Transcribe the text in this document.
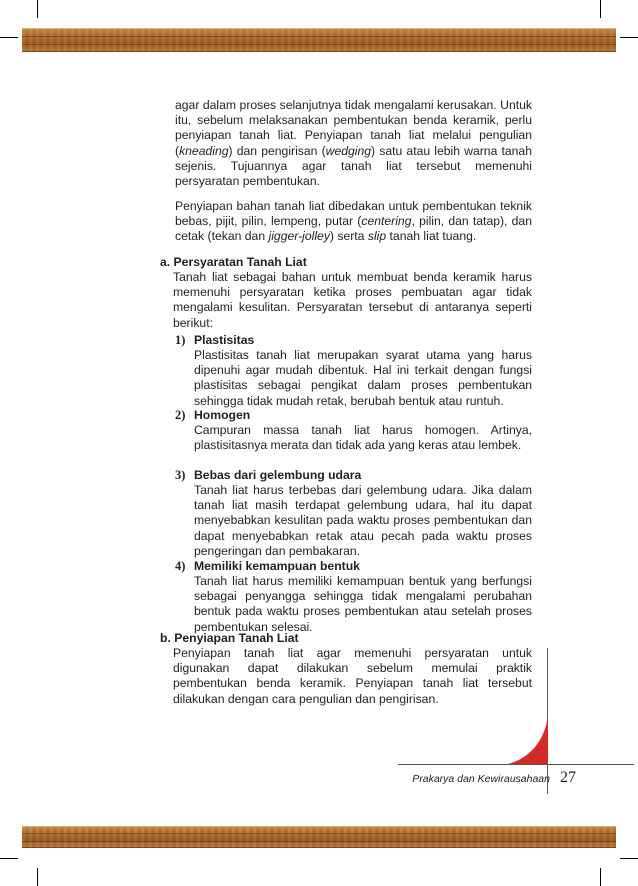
agar dalam proses selanjutnya tidak mengalami kerusakan. Untuk itu, sebelum melaksanakan pembentukan benda keramik, perlu penyiapan tanah liat. Penyiapan tanah liat melalui pengulian (kneading) dan pengirisan (wedging) satu atau lebih warna tanah sejenis. Tujuannya agar tanah liat tersebut memenuhi persyaratan pembentukan.

Penyiapan bahan tanah liat dibedakan untuk pembentukan teknik bebas, pijit, pilin, lempeng, putar (centering, pilin, dan tatap), dan cetak (tekan dan jigger-jolley) serta slip tanah liat tuang.

a. Persyaratan Tanah Liat

Tanah liat sebagai bahan untuk membuat benda keramik harus memenuhi persyaratan ketika proses pembuatan agar tidak mengalami kesulitan. Persyaratan tersebut di antaranya seperti berikut:

1) Plastisitas

Plastisitas tanah liat merupakan syarat utama yang harus dipenuhi agar mudah dibentuk. Hal ini terkait dengan fungsi plastisitas sebagai pengikat dalam proses pembentukan sehingga tidak mudah retak, berubah bentuk atau runtuh.

2) Homogen

Campuran massa tanah liat harus homogen. Artinya, plastisitasnya merata dan tidak ada yang keras atau lembek.

3) Bebas dari gelembung udara

Tanah liat harus terbebas dari gelembung udara. Jika dalam tanah liat masih terdapat gelembung udara, hal itu dapat menyebabkan kesulitan pada waktu proses pembentukan dan dapat menyebabkan retak atau pecah pada waktu proses pengeringan dan pembakaran.

4) Memiliki kemampuan bentuk

Tanah liat harus memiliki kemampuan bentuk yang berfungsi sebagai penyangga sehingga tidak mengalami perubahan bentuk pada waktu proses pembentukan atau setelah proses pembentukan selesai.

b. Penyiapan Tanah Liat

Penyiapan tanah liat agar memenuhi persyaratan untuk digunakan dapat dilakukan sebelum memulai praktik pembentukan benda keramik. Penyiapan tanah liat tersebut dilakukan dengan cara pengulian dan pengirisan.

Prakarya dan Kewirausahaan 27
